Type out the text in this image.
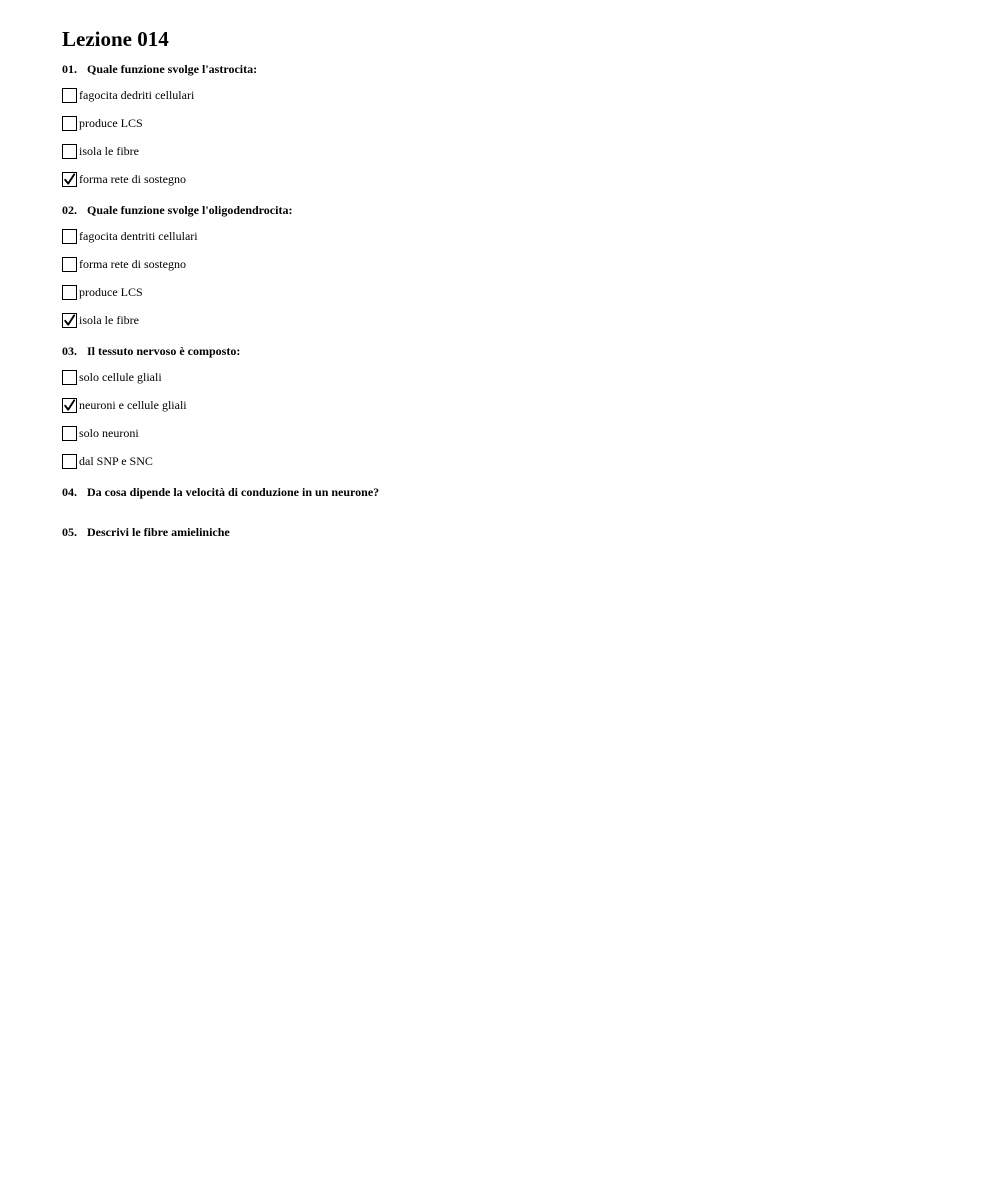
Lezione 014
01. Quale funzione svolge l'astrocita:
fagocita dedriti cellulari
produce LCS
isola le fibre
forma rete di sostegno
02. Quale funzione svolge l'oligodendrocita:
fagocita dentriti cellulari
forma rete di sostegno
produce LCS
isola le fibre
03. Il tessuto nervoso è composto:
solo cellule gliali
neuroni e cellule gliali
solo neuroni
dal SNP e SNC
04. Da cosa dipende la velocità di conduzione in un neurone?
05. Descrivi le fibre amieliniche
